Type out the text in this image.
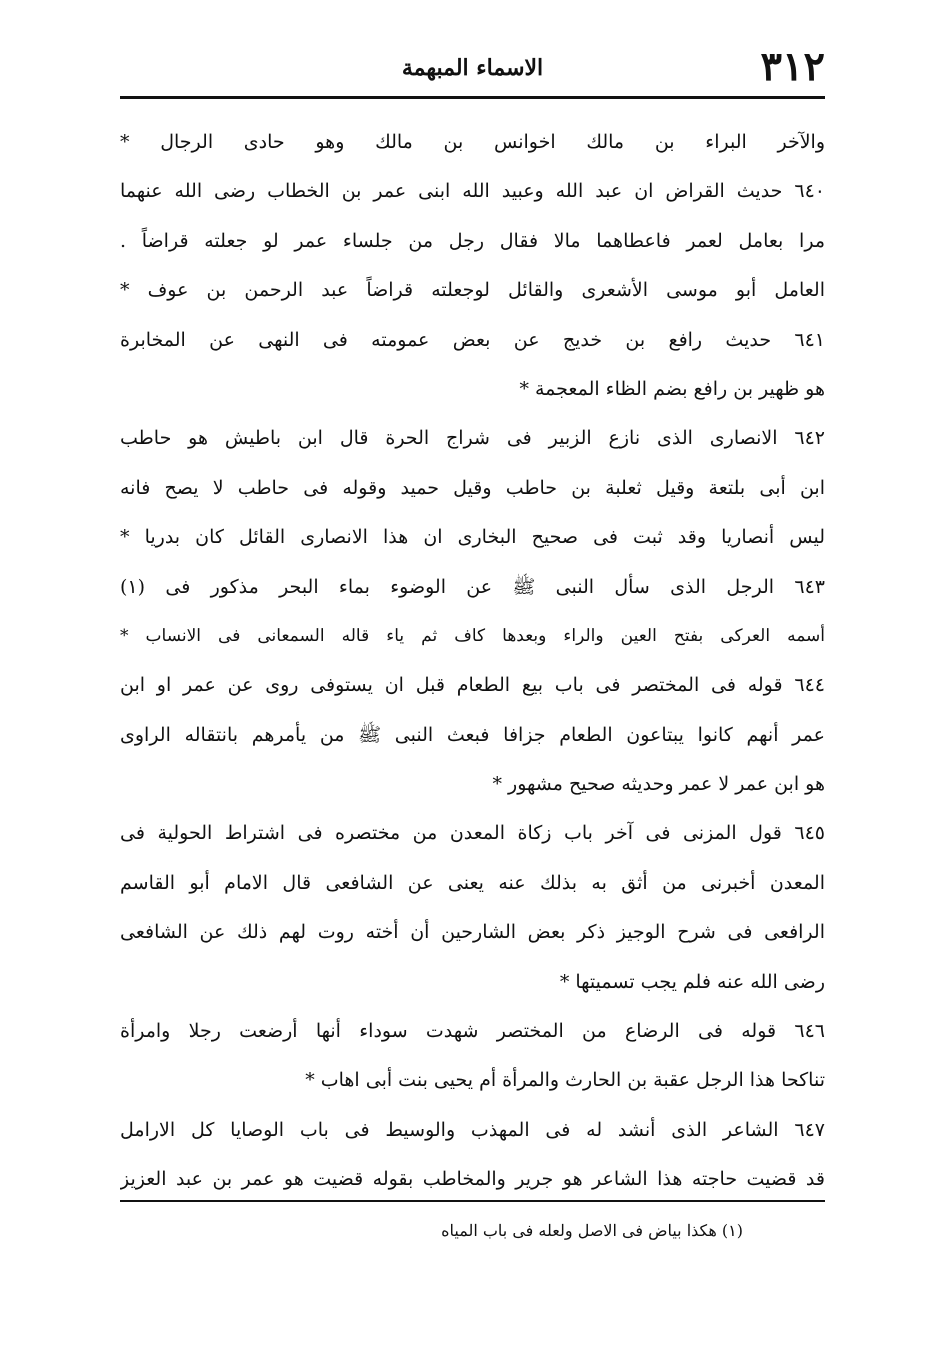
٣١٢
الاسماء المبهمة
والآخر البراء بن مالك اخوانس بن مالك وهو حادى الرجال *
٦٤٠ حديث القراض ان عبد الله وعبيد الله ابنى عمر بن الخطاب رضى الله عنهما
مرا بعامل لعمر فاعطاهما مالا فقال رجل من جلساء عمر لو جعلته قراضاً .
العامل أبو موسى الأشعرى والقائل لوجعلته قراضاً عبد الرحمن بن عوف *
٦٤١ حديث رافع بن خديج عن بعض عمومته فى النهى عن المخابرة
هو ظهير بن رافع بضم الظاء المعجمة *
٦٤٢ الانصارى الذى نازع الزبير فى شراج الحرة قال ابن باطيش هو حاطب
ابن أبى بلتعة وقيل ثعلبة بن حاطب وقيل حميد وقوله فى حاطب لا يصح فانه
ليس أنصاريا وقد ثبت فى صحيح البخارى ان هذا الانصارى القائل كان بدريا *
٦٤٣ الرجل الذى سأل النبى ﷺ عن الوضوء بماء البحر مذكور فى (١)
أسمه العركى بفتح العين والراء وبعدها كاف ثم ياء قاله السمعانى فى الانساب *
٦٤٤ قوله فى المختصر فى باب بيع الطعام قبل ان يستوفى روى عن عمر او ابن
عمر أنهم كانوا يبتاعون الطعام جزافا فبعث النبى ﷺ من يأمرهم بانتقاله الراوى
هو ابن عمر لا عمر وحديثه صحيح مشهور *
٦٤٥ قول المزنى فى آخر باب زكاة المعدن من مختصره فى اشتراط الحولية فى
المعدن أخبرنى من أثق به بذلك عنه يعنى عن الشافعى قال الامام أبو القاسم
الرافعى فى شرح الوجيز ذكر بعض الشارحين أن أخته روت لهم ذلك عن الشافعى
رضى الله عنه فلم يجب تسميتها *
٦٤٦ قوله فى الرضاع من المختصر شهدت سوداء أنها أرضعت رجلا وامرأة
تناكحا هذا الرجل عقبة بن الحارث والمرأة أم يحيى بنت أبى اهاب *
٦٤٧ الشاعر الذى أنشد له فى المهذب والوسيط فى باب الوصايا كل الارامل
قد قضيت حاجته هذا الشاعر هو جرير والمخاطب بقوله قضيت هو عمر بن عبد العزيز
(١) هكذا بياض فى الاصل ولعله فى باب المياه
